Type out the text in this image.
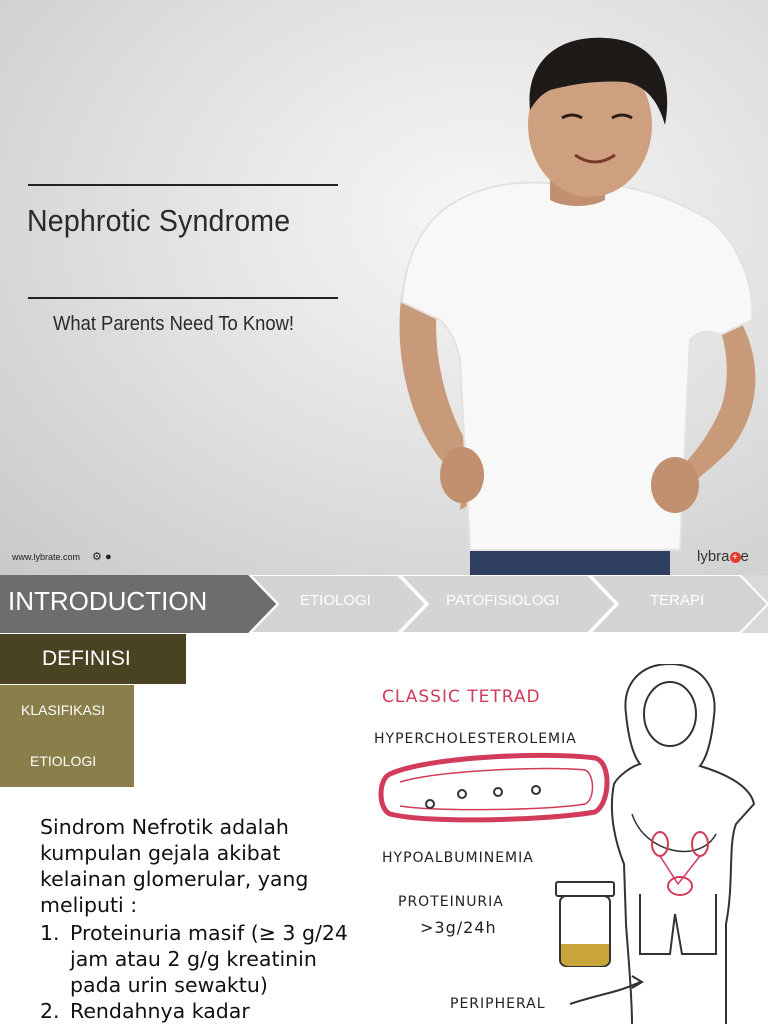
Nephrotic Syndrome
What Parents Need To Know!
www.lybrate.com ⚙ ●	lybra + e
INTRODUCTION	ETIOLOGI	PATOFISIOLOGI	TERAPI
DEFINISI
KLASIFIKASI
ETIOLOGI

Sindrom Nefrotik adalah kumpulan gejala akibat kelainan glomerular, yang meliputi :

1. Proteinuria masif (≥ 3 g/24 jam atau 2 g/g kreatinin pada urin sewaktu)
2. Rendahnya kadar
CLASSIC TETRAD
HYPERCHOLESTEROLEMIA
HYPOALBUMINEMIA
PROTEINURIA
>3g/24h
PERIPHERAL
